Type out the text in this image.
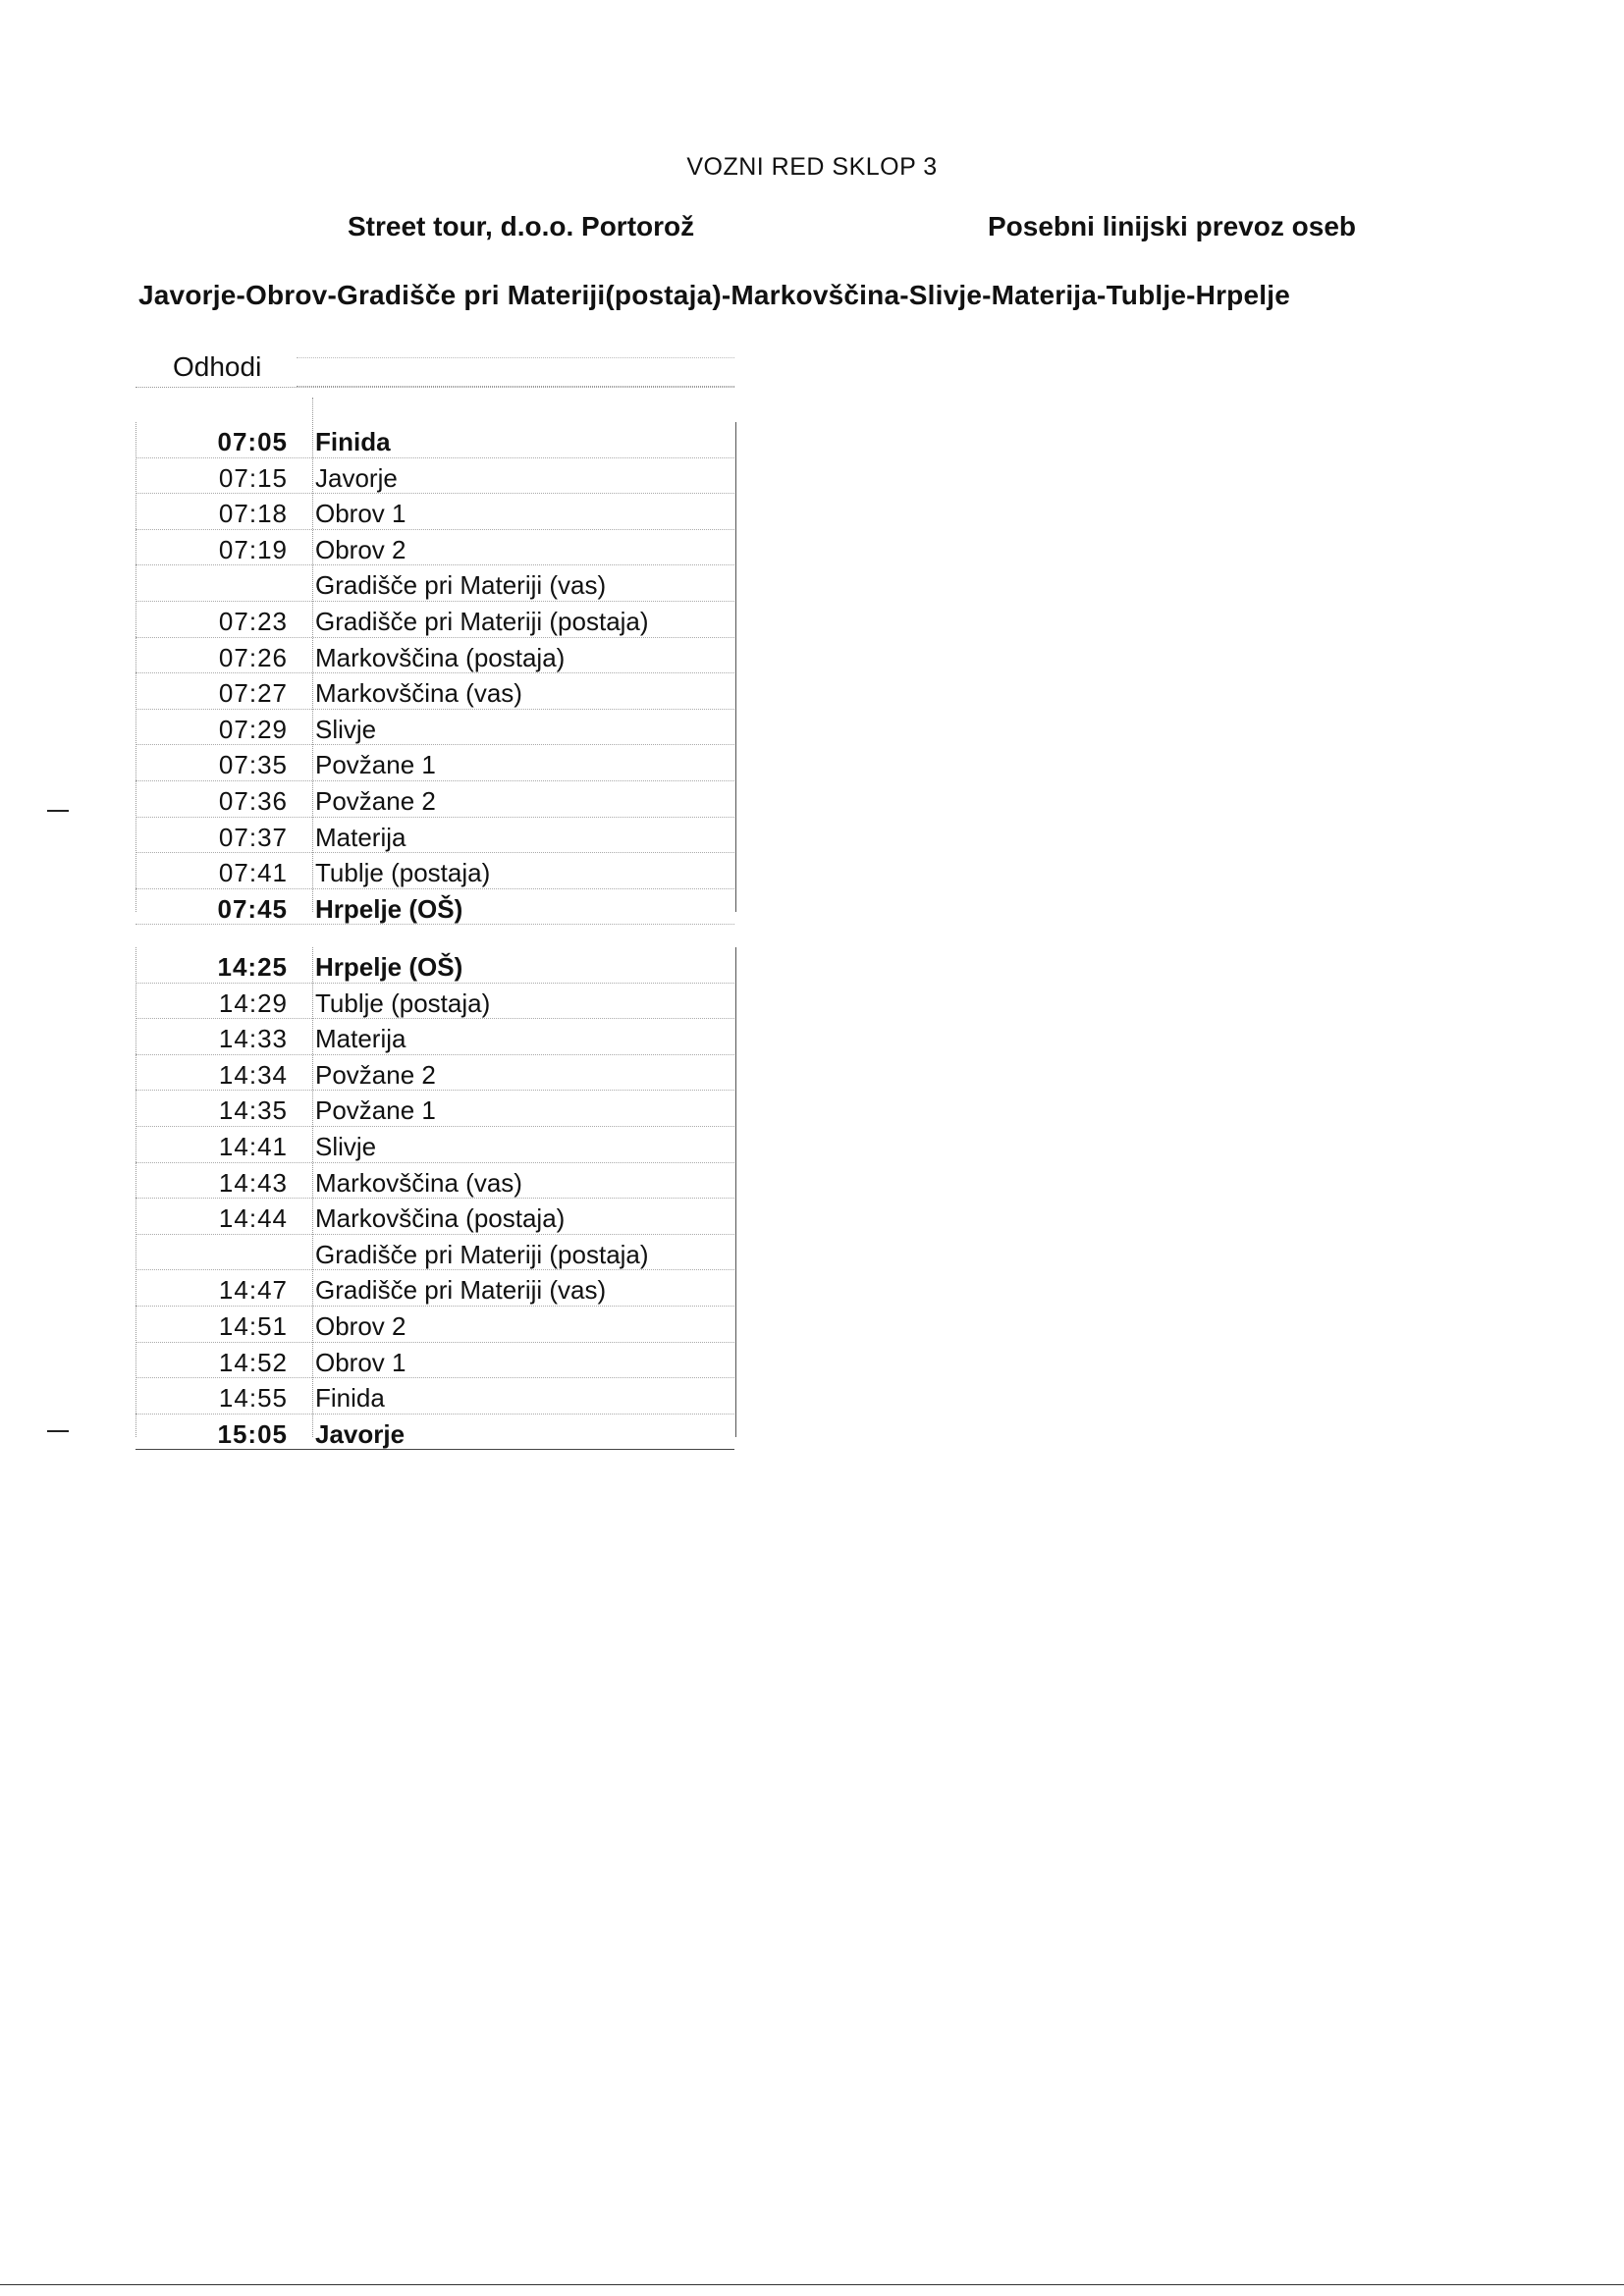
VOZNI RED SKLOP 3
Street tour, d.o.o. Portorož	Posebni linijski prevoz oseb
Javorje-Obrov-Gradišče pri Materiji(postaja)-Markovščina-Slivje-Materija-Tublje-Hrpelje
Odhodi
07:05 Finida
07:15 Javorje
07:18 Obrov 1
07:19 Obrov 2
Gradišče pri Materiji (vas)
07:23 Gradišče pri Materiji (postaja)
07:26 Markovščina (postaja)
07:27 Markovščina (vas)
07:29 Slivje
07:35 Povžane 1
07:36 Povžane 2
07:37 Materija
07:41 Tublje (postaja)
07:45 Hrpelje (OŠ)
14:25 Hrpelje (OŠ)
14:29 Tublje (postaja)
14:33 Materija
14:34 Povžane 2
14:35 Povžane 1
14:41 Slivje
14:43 Markovščina (vas)
14:44 Markovščina (postaja)
Gradišče pri Materiji (postaja)
14:47 Gradišče pri Materiji (vas)
14:51 Obrov 2
14:52 Obrov 1
14:55 Finida
15:05 Javorje
